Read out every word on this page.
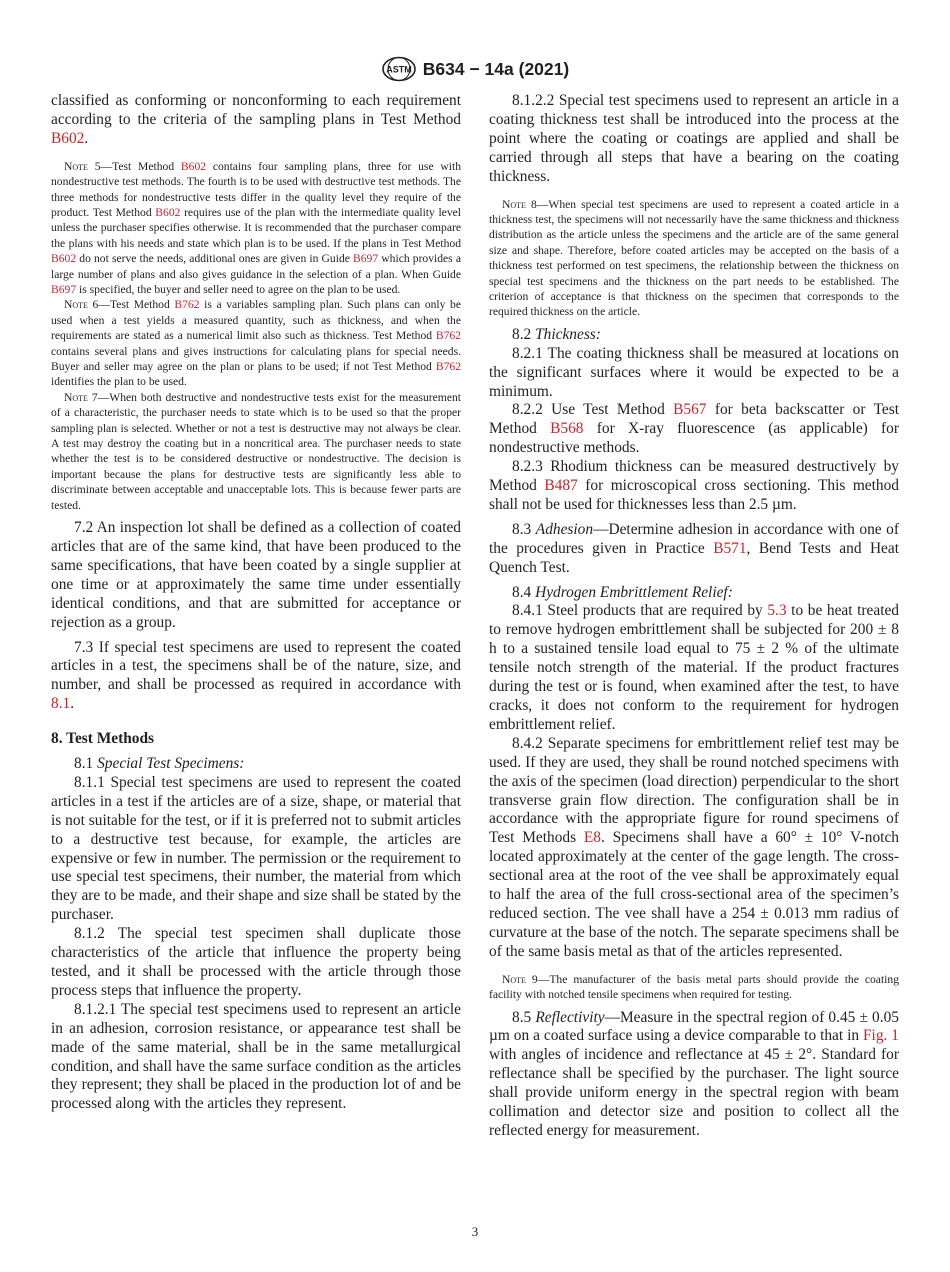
ASTM B634 − 14a (2021)

classified as conforming or nonconforming to each requirement according to the criteria of the sampling plans in Test Method B602.

Note 5—Test Method B602 contains four sampling plans, three for use with nondestructive test methods. The fourth is to be used with destructive test methods. The three methods for nondestructive tests differ in the quality level they require of the product. Test Method B602 requires use of the plan with the intermediate quality level unless the purchaser specifies otherwise. It is recommended that the purchaser compare the plans with his needs and state which plan is to be used. If the plans in Test Method B602 do not serve the needs, additional ones are given in Guide B697 which provides a large number of plans and also gives guidance in the selection of a plan. When Guide B697 is specified, the buyer and seller need to agree on the plan to be used.

Note 6—Test Method B762 is a variables sampling plan. Such plans can only be used when a test yields a measured quantity, such as thickness, and when the requirements are stated as a numerical limit also such as thickness. Test Method B762 contains several plans and gives instructions for calculating plans for special needs. Buyer and seller may agree on the plan or plans to be used; if not Test Method B762 identifies the plan to be used.

Note 7—When both destructive and nondestructive tests exist for the measurement of a characteristic, the purchaser needs to state which is to be used so that the proper sampling plan is selected. Whether or not a test is destructive may not always be clear. A test may destroy the coating but in a noncritical area. The purchaser needs to state whether the test is to be considered destructive or nondestructive. The decision is important because the plans for destructive tests are significantly less able to discriminate between acceptable and unacceptable lots. This is because fewer parts are tested.

7.2 An inspection lot shall be defined as a collection of coated articles that are of the same kind, that have been produced to the same specifications, that have been coated by a single supplier at one time or at approximately the same time under essentially identical conditions, and that are submitted for acceptance or rejection as a group.

7.3 If special test specimens are used to represent the coated articles in a test, the specimens shall be of the nature, size, and number, and shall be processed as required in accordance with 8.1.

8. Test Methods

8.1 Special Test Specimens:

8.1.1 Special test specimens are used to represent the coated articles in a test if the articles are of a size, shape, or material that is not suitable for the test, or if it is preferred not to submit articles to a destructive test because, for example, the articles are expensive or few in number. The permission or the requirement to use special test specimens, their number, the material from which they are to be made, and their shape and size shall be stated by the purchaser.

8.1.2 The special test specimen shall duplicate those characteristics of the article that influence the property being tested, and it shall be processed with the article through those process steps that influence the property.

8.1.2.1 The special test specimens used to represent an article in an adhesion, corrosion resistance, or appearance test shall be made of the same material, shall be in the same metallurgical condition, and shall have the same surface condition as the articles they represent; they shall be placed in the production lot of and be processed along with the articles they represent.

8.1.2.2 Special test specimens used to represent an article in a coating thickness test shall be introduced into the process at the point where the coating or coatings are applied and shall be carried through all steps that have a bearing on the coating thickness.

Note 8—When special test specimens are used to represent a coated article in a thickness test, the specimens will not necessarily have the same thickness and thickness distribution as the article unless the specimens and the article are of the same general size and shape. Therefore, before coated articles may be accepted on the basis of a thickness test performed on test specimens, the relationship between the thickness on special test specimens and the thickness on the part needs to be established. The criterion of acceptance is that thickness on the specimen that corresponds to the required thickness on the article.

8.2 Thickness:

8.2.1 The coating thickness shall be measured at locations on the significant surfaces where it would be expected to be a minimum.

8.2.2 Use Test Method B567 for beta backscatter or Test Method B568 for X-ray fluorescence (as applicable) for nondestructive methods.

8.2.3 Rhodium thickness can be measured destructively by Method B487 for microscopical cross sectioning. This method shall not be used for thicknesses less than 2.5 µm.

8.3 Adhesion—Determine adhesion in accordance with one of the procedures given in Practice B571, Bend Tests and Heat Quench Test.

8.4 Hydrogen Embrittlement Relief:

8.4.1 Steel products that are required by 5.3 to be heat treated to remove hydrogen embrittlement shall be subjected for 200 ± 8 h to a sustained tensile load equal to 75 ± 2 % of the ultimate tensile notch strength of the material. If the product fractures during the test or is found, when examined after the test, to have cracks, it does not conform to the requirement for hydrogen embrittlement relief.

8.4.2 Separate specimens for embrittlement relief test may be used. If they are used, they shall be round notched specimens with the axis of the specimen (load direction) perpendicular to the short transverse grain flow direction. The configuration shall be in accordance with the appropriate figure for round specimens of Test Methods E8. Specimens shall have a 60° ± 10° V-notch located approximately at the center of the gage length. The cross-sectional area at the root of the vee shall be approximately equal to half the area of the full cross-sectional area of the specimen’s reduced section. The vee shall have a 254 ± 0.013 mm radius of curvature at the base of the notch. The separate specimens shall be of the same basis metal as that of the articles represented.

Note 9—The manufacturer of the basis metal parts should provide the coating facility with notched tensile specimens when required for testing.

8.5 Reflectivity—Measure in the spectral region of 0.45 ± 0.05 µm on a coated surface using a device comparable to that in Fig. 1 with angles of incidence and reflectance at 45 ± 2°. Standard for reflectance shall be specified by the purchaser. The light source shall provide uniform energy in the spectral region with beam collimation and detector size and position to collect all the reflected energy for measurement.

3
